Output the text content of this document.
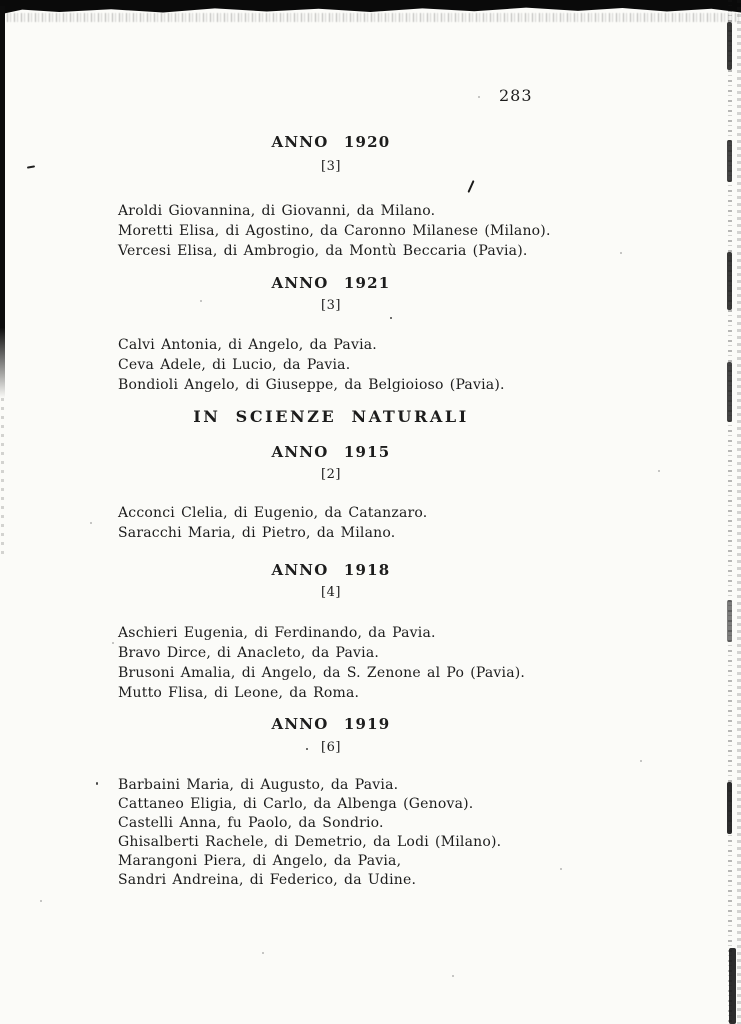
283
ANNO 1920
[3]
Aroldi Giovannina, di Giovanni, da Milano.
Moretti Elisa, di Agostino, da Caronno Milanese (Milano).
Vercesi Elisa, di Ambrogio, da Montù Beccaria (Pavia).
ANNO 1921
[3]
Calvi Antonia, di Angelo, da Pavia.
Ceva Adele, di Lucio, da Pavia.
Bondioli Angelo, di Giuseppe, da Belgioioso (Pavia).
IN SCIENZE NATURALI
ANNO 1915
[2]
Acconci Clelia, di Eugenio, da Catanzaro.
Saracchi Maria, di Pietro, da Milano.
ANNO 1918
[4]
Aschieri Eugenia, di Ferdinando, da Pavia.
Bravo Dirce, di Anacleto, da Pavia.
Brusoni Amalia, di Angelo, da S. Zenone al Po (Pavia).
Mutto Flisa, di Leone, da Roma.
ANNO 1919
[6]
Barbaini Maria, di Augusto, da Pavia.
Cattaneo Eligia, di Carlo, da Albenga (Genova).
Castelli Anna, fu Paolo, da Sondrio.
Ghisalberti Rachele, di Demetrio, da Lodi (Milano).
Marangoni Piera, di Angelo, da Pavia,
Sandri Andreina, di Federico, da Udine.
